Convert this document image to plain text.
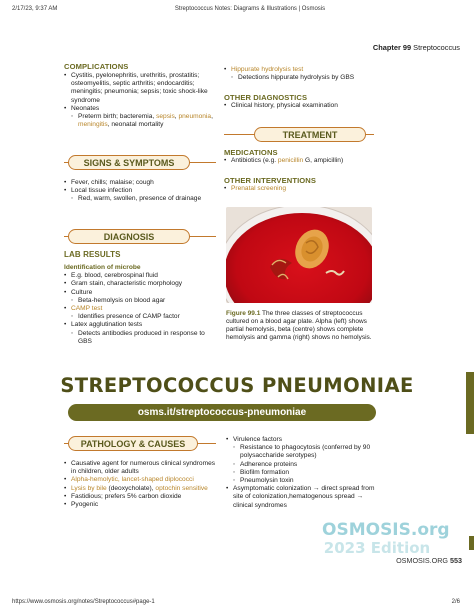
2/17/23, 9:37 AM	Streptococcus Notes: Diagrams & Illustrations | Osmosis
Chapter 99 Streptococcus
COMPLICATIONS
• Cystitis, pyelonephritis, urethritis, prostatitis; osteomyelitis, septic arthritis; endocarditis; meningitis; pneumonia; sepsis; toxic shock-like syndrome
• Neonates
◦ Preterm birth; bacteremia, sepsis, pneumonia, meningitis, neonatal mortality
SIGNS & SYMPTOMS
• Fever, chills; malaise; cough
• Local tissue infection
◦ Red, warm, swollen, presence of drainage
DIAGNOSIS
LAB RESULTS
Identification of microbe
• E.g. blood, cerebrospinal fluid
• Gram stain, characteristic morphology
• Culture
◦ Beta-hemolysis on blood agar
• CAMP test
◦ Identifies presence of CAMP factor
• Latex agglutination tests
◦ Detects antibodies produced in response to GBS
• Hippurate hydrolysis test
◦ Detections hippurate hydrolysis by GBS
OTHER DIAGNOSTICS
• Clinical history, physical examination
TREATMENT
MEDICATIONS
• Antibiotics (e.g. penicillin G, ampicillin)
OTHER INTERVENTIONS
• Prenatal screening
Figure 99.1 The three classes of streptococcus cultured on a blood agar plate. Alpha (left) shows partial hemolysis, beta (centre) shows complete hemolysis and gamma (right) shows no hemolysis.
STREPTOCOCCUS PNEUMONIAE
osms.it/streptococcus-pneumoniae
PATHOLOGY & CAUSES
• Causative agent for numerous clinical syndromes in children, older adults
• Alpha-hemolytic, lancet-shaped diplococci
• Lysis by bile (deoxycholate), optochin sensitive
• Fastidious; prefers 5% carbon dioxide
• Pyogenic
• Virulence factors
◦ Resistance to phagocytosis (conferred by 90 polysaccharide serotypes)
◦ Adherence proteins
◦ Biofilm formation
◦ Pneumolysin toxin
• Asymptomatic colonization → direct spread from site of colonization,hematogenous spread → clinical syndromes
OSMOSIS.org
2023 Edition
OSMOSIS.ORG 553
https://www.osmosis.org/notes/Streptococcus#page-1	2/6
